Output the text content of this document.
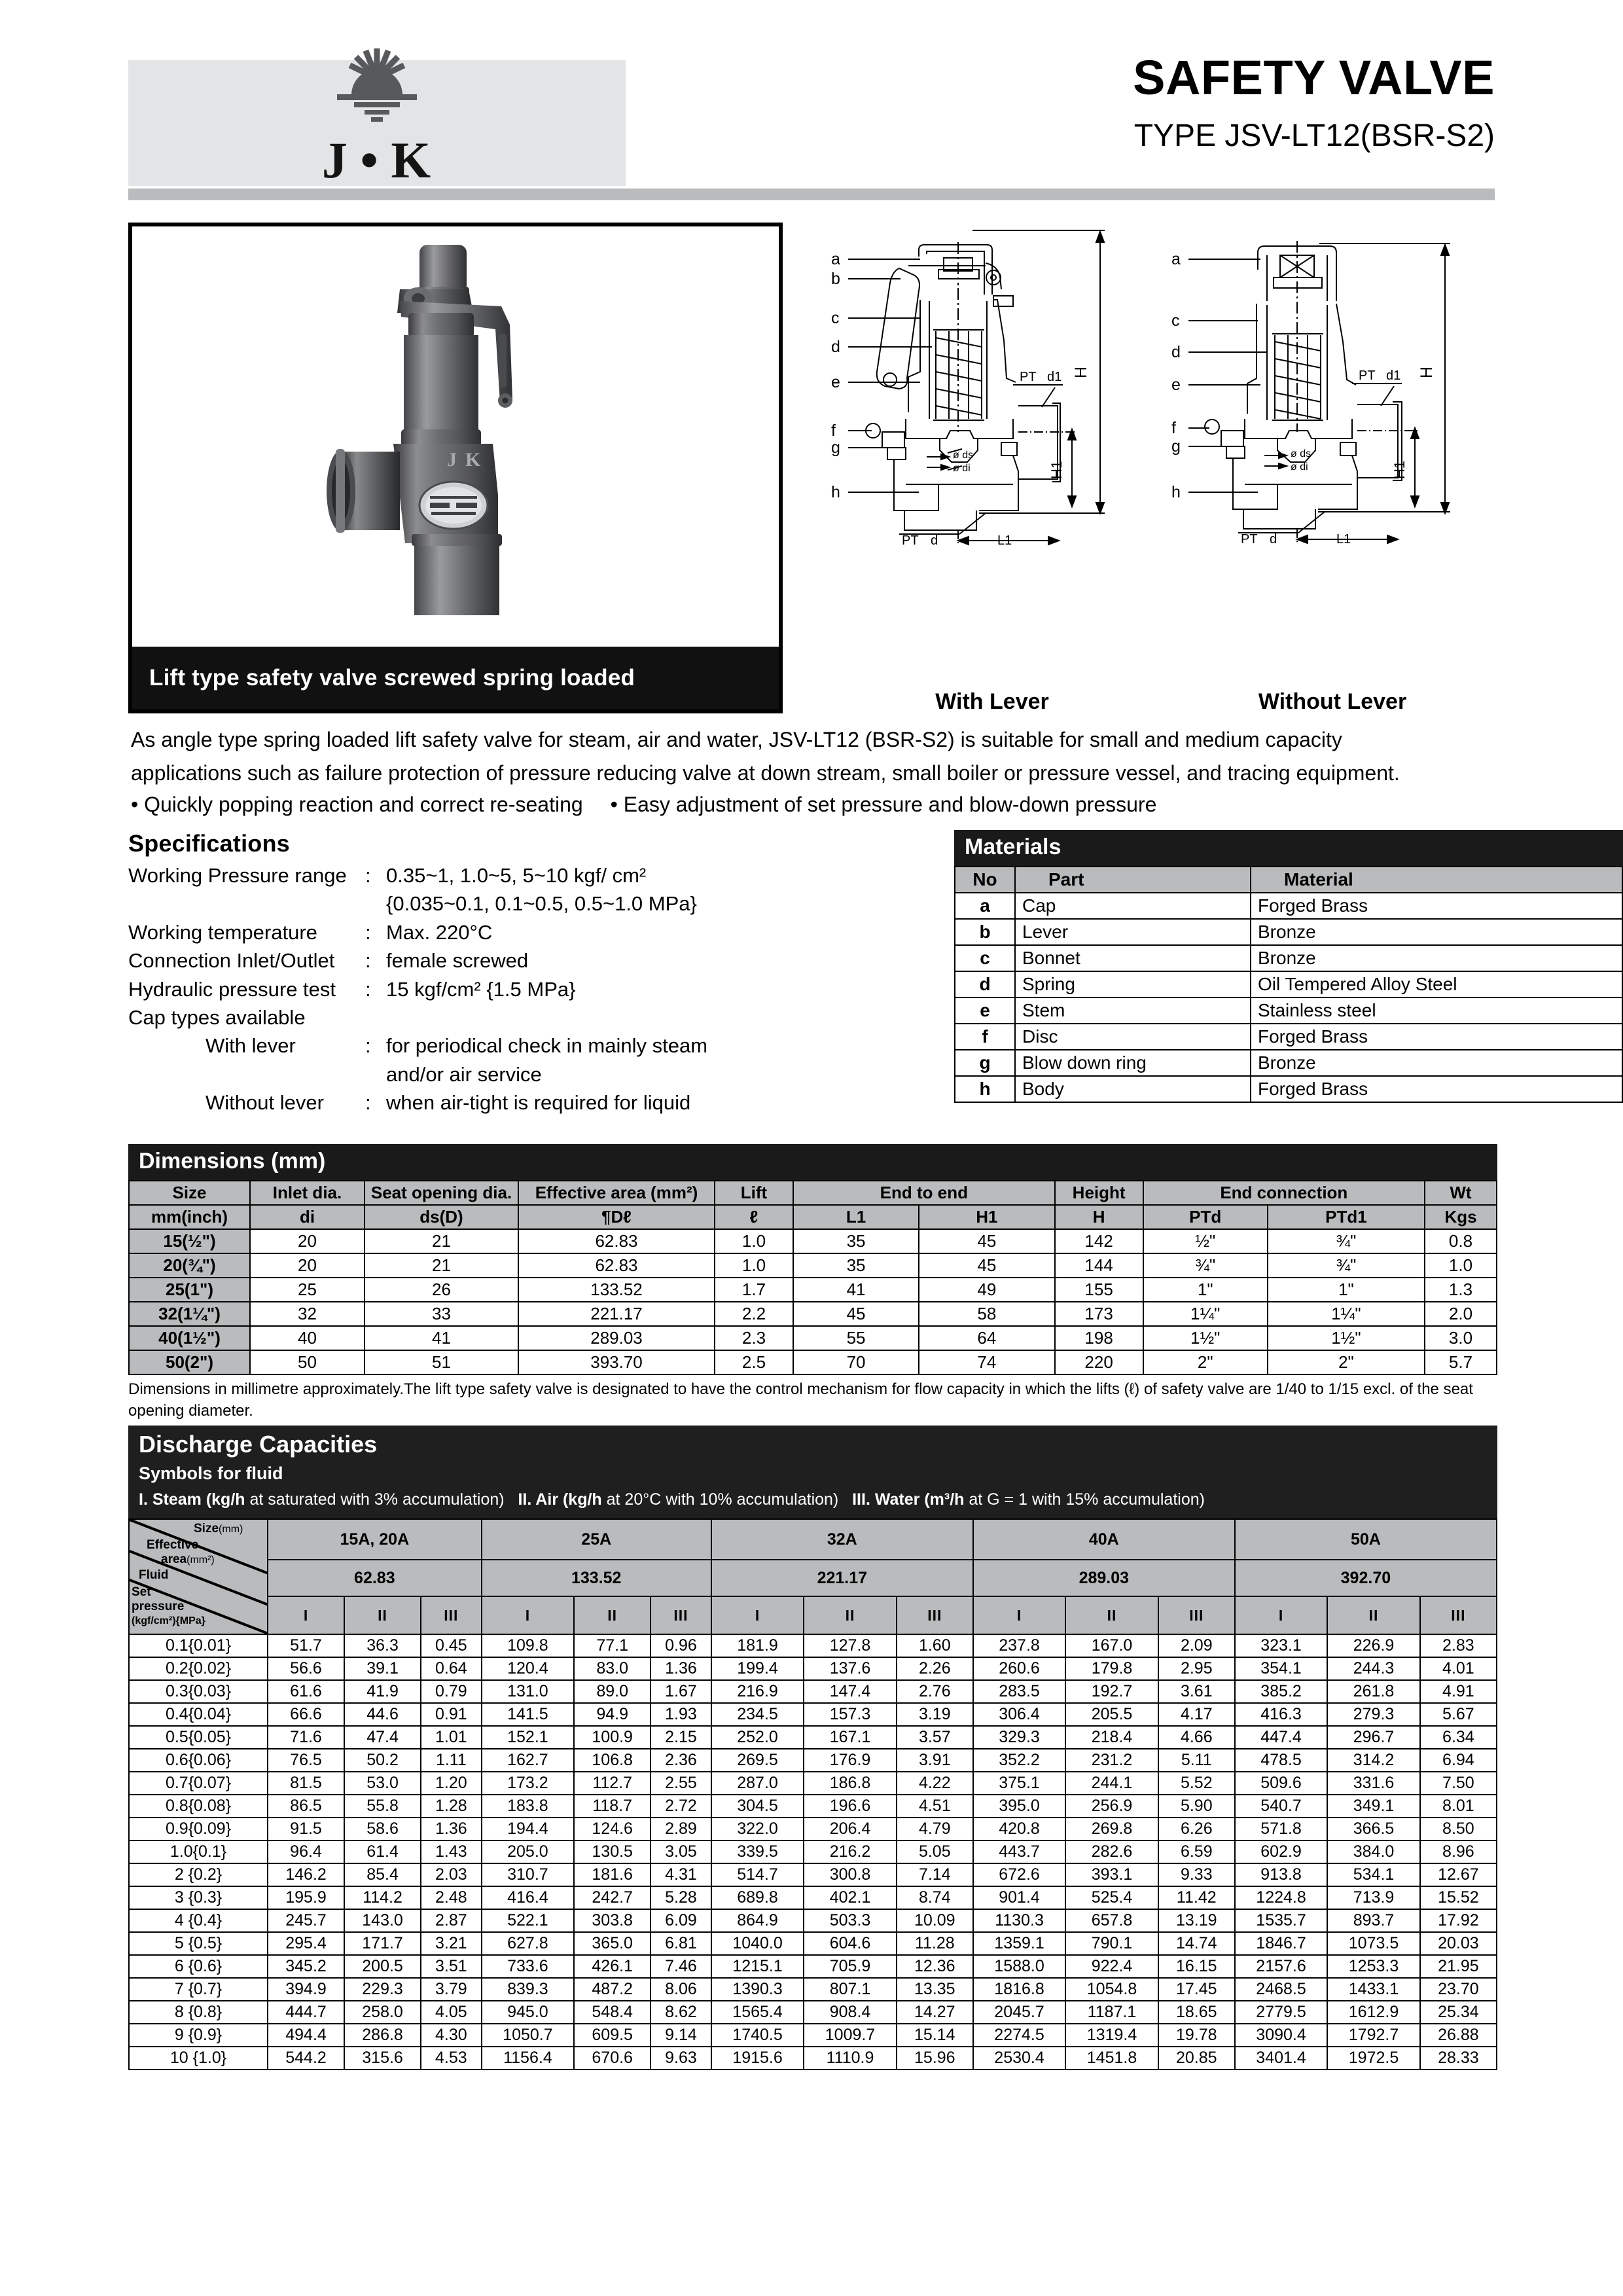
J • K
SAFETY VALVE
TYPE JSV-LT12(BSR-S2)
J K
Lift type safety valve screwed spring loaded
a
b
c
d
e
f
g
h
PT d1
PT d	L1
ø ds
ø di
H
H1
With Lever
a
c
d
e
f
g
h
PT d1
PT d	L1
ø ds
ø di
H
H1
Without Lever

As angle type spring loaded lift safety valve for steam, air and water, JSV-LT12 (BSR-S2) is suitable for small and medium capacity

applications such as failure protection of pressure reducing valve at down stream, small boiler or pressure vessel, and tracing equipment.

• Quickly popping reaction and correct re-seating • Easy adjustment of set pressure and blow-down pressure
Specifications
Working Pressure range : 0.35~1, 1.0~5, 5~10 kgf/ cm²
{0.035~0.1, 0.1~0.5, 0.5~1.0 MPa}
Working temperature	: Max. 220°C
Connection Inlet/Outlet	: female screwed
Hydraulic pressure test	: 15 kgf/cm² {1.5 MPa}
Cap types available
With lever	: for periodical check in mainly steam
and/or air service
Without lever	: when air-tight is required for liquid
Materials
No	Part	Material
a	Cap	Forged Brass
b	Lever	Bronze
c	Bonnet	Bronze
d	Spring	Oil Tempered Alloy Steel
e	Stem	Stainless steel
f	Disc	Forged Brass
g	Blow down ring	Bronze
h	Body	Forged Brass
Dimensions (mm)
Size	Inlet dia.	Seat opening dia.	Effective area (mm²)	Lift	End to end		Height	End connection		Wt
mm(inch)	di	ds(D)	¶Dℓ	ℓ	L1	H1	H	PTd	PTd1	Kgs
15(½")	20	21	62.83	1.0	35	45	142	½"	¾"	0.8
20(¾")	20	21	62.83	1.0	35	45	144	¾"	¾"	1.0
25(1")	25	26	133.52	1.7	41	49	155	1"	1"	1.3
32(1¼")	32	33	221.17	2.2	45	58	173	1¼"	1¼"	2.0
40(1½")	40	41	289.03	2.3	55	64	198	1½"	1½"	3.0
50(2")	50	51	393.70	2.5	70	74	220	2"	2"	5.7
Dimensions in millimetre approximately.The lift type safety valve is designated to have the control mechanism for flow capacity in which the lifts (ℓ) of safety valve are 1/40 to 1/15 excl. of the seat opening diameter.
Discharge Capacities
Symbols for fluid
I. Steam (kg/h at saturated with 3% accumulation) II. Air (kg/h at 20°C with 10% accumulation) III. Water (m³/h at G = 1 with 15% accumulation)
Size(mm)
Effective
area(mm²)
Fluid
Set
pressure
(kgf/cm²){MPa}
	15A, 20A	25A	32A	40A	50A
	62.83			133.52			221.17			289.03			392.70		
	I	II	III	I	II	III	I	II	III	I	II	III	I	II	III
0.1{0.01}	51.7	36.3	0.45	109.8	77.1	0.96	181.9	127.8	1.60	237.8	167.0	2.09	323.1	226.9	2.83
0.2{0.02}	56.6	39.1	0.64	120.4	83.0	1.36	199.4	137.6	2.26	260.6	179.8	2.95	354.1	244.3	4.01
0.3{0.03}	61.6	41.9	0.79	131.0	89.0	1.67	216.9	147.4	2.76	283.5	192.7	3.61	385.2	261.8	4.91
0.4{0.04}	66.6	44.6	0.91	141.5	94.9	1.93	234.5	157.3	3.19	306.4	205.5	4.17	416.3	279.3	5.67
0.5{0.05}	71.6	47.4	1.01	152.1	100.9	2.15	252.0	167.1	3.57	329.3	218.4	4.66	447.4	296.7	6.34
0.6{0.06}	76.5	50.2	1.11	162.7	106.8	2.36	269.5	176.9	3.91	352.2	231.2	5.11	478.5	314.2	6.94
0.7{0.07}	81.5	53.0	1.20	173.2	112.7	2.55	287.0	186.8	4.22	375.1	244.1	5.52	509.6	331.6	7.50
0.8{0.08}	86.5	55.8	1.28	183.8	118.7	2.72	304.5	196.6	4.51	395.0	256.9	5.90	540.7	349.1	8.01
0.9{0.09}	91.5	58.6	1.36	194.4	124.6	2.89	322.0	206.4	4.79	420.8	269.8	6.26	571.8	366.5	8.50
1.0{0.1}	96.4	61.4	1.43	205.0	130.5	3.05	339.5	216.2	5.05	443.7	282.6	6.59	602.9	384.0	8.96
2 {0.2}	146.2	85.4	2.03	310.7	181.6	4.31	514.7	300.8	7.14	672.6	393.1	9.33	913.8	534.1	12.67
3 {0.3}	195.9	114.2	2.48	416.4	242.7	5.28	689.8	402.1	8.74	901.4	525.4	11.42	1224.8	713.9	15.52
4 {0.4}	245.7	143.0	2.87	522.1	303.8	6.09	864.9	503.3	10.09	1130.3	657.8	13.19	1535.7	893.7	17.92
5 {0.5}	295.4	171.7	3.21	627.8	365.0	6.81	1040.0	604.6	11.28	1359.1	790.1	14.74	1846.7	1073.5	20.03
6 {0.6}	345.2	200.5	3.51	733.6	426.1	7.46	1215.1	705.9	12.36	1588.0	922.4	16.15	2157.6	1253.3	21.95
7 {0.7}	394.9	229.3	3.79	839.3	487.2	8.06	1390.3	807.1	13.35	1816.8	1054.8	17.45	2468.5	1433.1	23.70
8 {0.8}	444.7	258.0	4.05	945.0	548.4	8.62	1565.4	908.4	14.27	2045.7	1187.1	18.65	2779.5	1612.9	25.34
9 {0.9}	494.4	286.8	4.30	1050.7	609.5	9.14	1740.5	1009.7	15.14	2274.5	1319.4	19.78	3090.4	1792.7	26.88
10 {1.0}	544.2	315.6	4.53	1156.4	670.6	9.63	1915.6	1110.9	15.96	2530.4	1451.8	20.85	3401.4	1972.5	28.33
